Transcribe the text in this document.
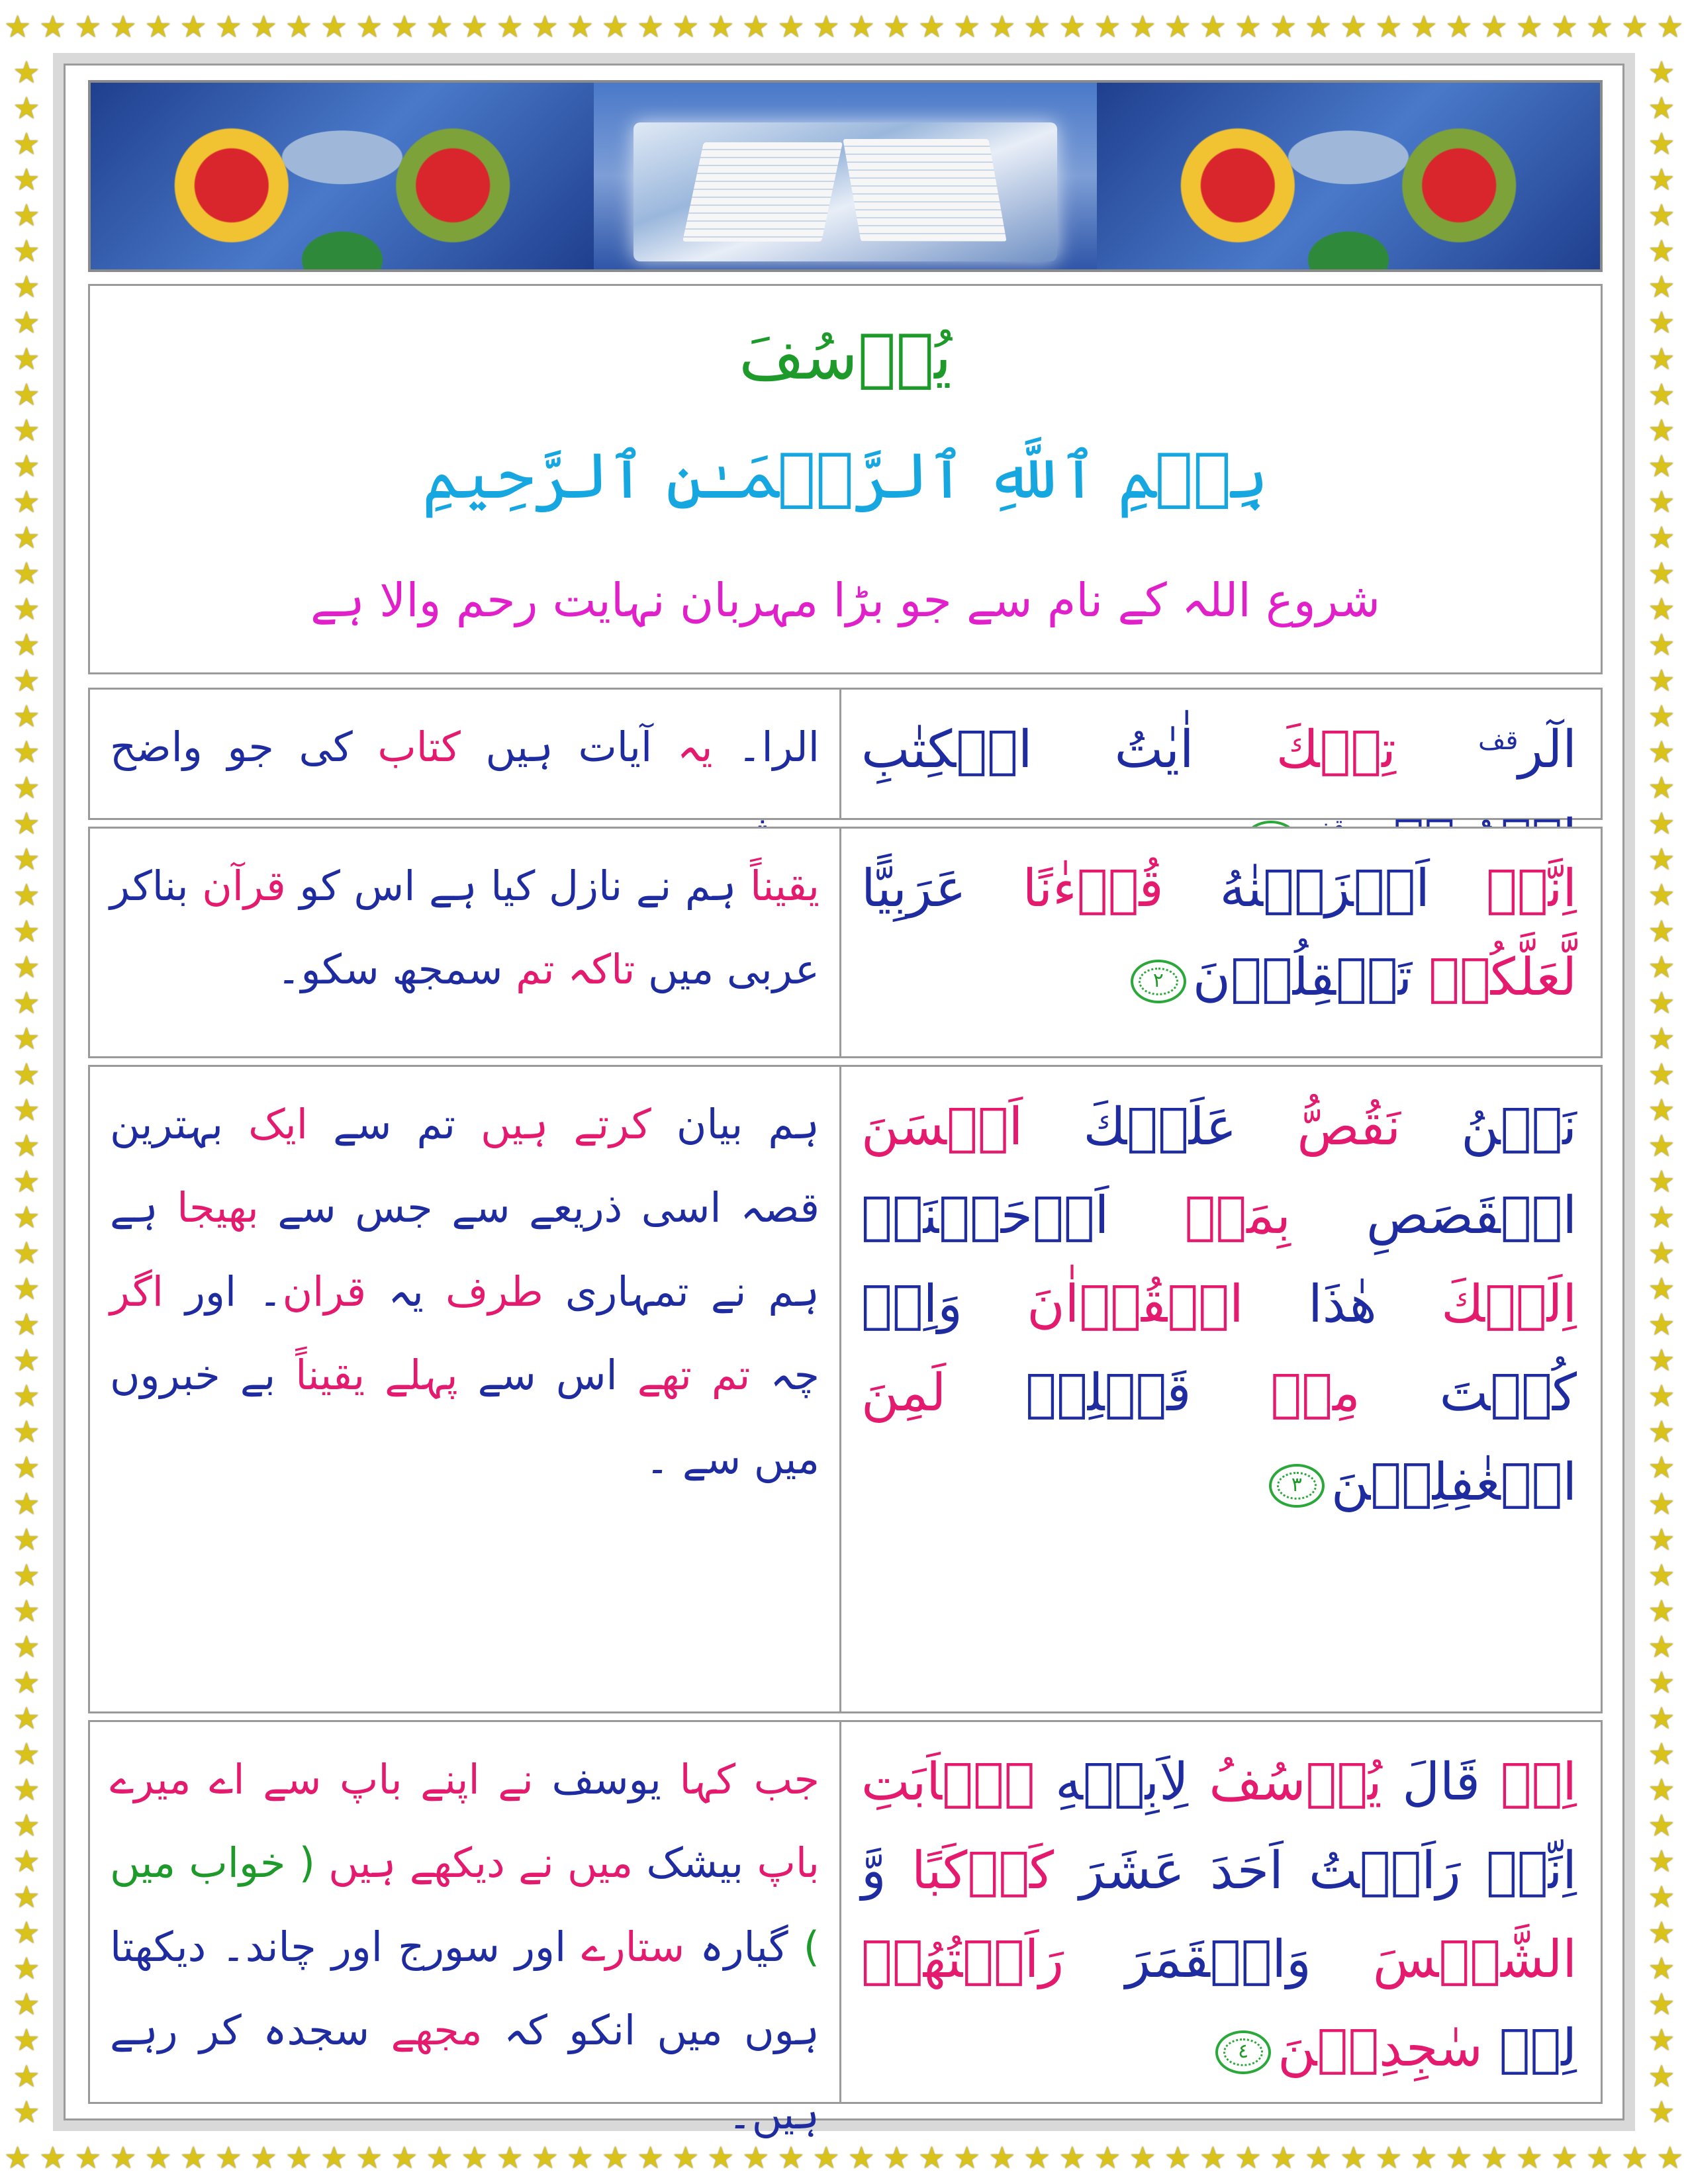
★ ★ ★ ★ ★ ★ ★ ★ ★ ★ ★ ★ ★ ★ ★ ★ ★ ★ ★ ★ ★ ★ ★ ★ ★ ★ ★ ★ ★ ★ ★ ★ ★ ★ ★ ★ ★ ★ ★ ★ ★ ★ ★ ★ ★ ★ ★ ★
★ ★ ★ ★ ★ ★ ★ ★ ★ ★ ★ ★ ★ ★ ★ ★ ★ ★ ★ ★ ★ ★ ★ ★ ★ ★ ★ ★ ★ ★ ★ ★ ★ ★ ★ ★ ★ ★ ★ ★ ★ ★ ★ ★ ★ ★ ★ ★
★
★
★
★
★
★
★
★
★
★
★
★
★
★
★
★
★
★
★
★
★
★
★
★
★
★
★
★
★
★
★
★
★
★
★
★
★
★
★
★
★
★
★
★
★
★
★
★
★
★
★
★
★
★
★
★
★
★
★
★
★
★
★
★
★
★
★
★
★
★
★
★
★
★
★
★
★
★
★
★
★
★
★
★
★
★
★
★
★
★
★
★
★
★
★
★
★
★
★
★
★
★
★
★
★
★
★
★
★
★
★
★
★
★
★
★
یُوۡسُفَ
بِسۡمِ ٱللَّهِ ٱلرَّحۡمَـٰنِ ٱلرَّحِيمِ
شروع اللہ کے نام سے جو بڑا مہربان نہایت رحم والا ہے
الٓر$^{قف}$ تِلۡكَ اٰيٰتُ الۡكِتٰبِ
الرا۔ یہ آیات ہیں کتاب کی جو واضح
اِنَّاۤ اَنۡزَلۡنٰهُ قُرۡءٰنًا عَرَبِيًّا لَّعَلَّكُمۡ تَعۡقِلُوۡنَ٢
یقیناً ہم نے نازل کیا ہے اس کو قرآن بناکر عربی میں تاکہ تم سمجھ سکو۔
نَحۡنُ نَقُصُّ عَلَيۡكَ اَحۡسَنَ الۡقَصَصِ بِمَاۤ اَوۡحَيۡنَاۤ اِلَيۡكَ هٰذَا الۡقُرۡاٰنَ وَاِنۡ كُنۡتَ مِنۡ قَبۡلِهٖ لَمِنَ الۡغٰفِلِيۡنَ٣
ہم بیان کرتے ہیں تم سے ایک بہترین قصہ اسی ذریعے سے جس سے بھیجا ہے ہم نے تمہاری طرف یہ قران۔ اور اگر چہ تم تھے اس سے پہلے یقیناً بے خبروں میں سے ۔
اِذۡ قَالَ يُوۡسُفُ لِاَبِيۡهِ يٰۤاَبَتِ اِنِّىۡ رَاَيۡتُ اَحَدَ عَشَرَ كَوۡكَبًا وَّ الشَّمۡسَ وَالۡقَمَرَ رَاَيۡتُهُمۡ لِىۡ سٰجِدِيۡنَ٤
جب کہا یوسف نے اپنے باپ سے اے میرے باپ بیشک میں نے دیکھے ہیں ( خواب میں ) گیارہ ستارے اور سورج اور چاند۔ دیکھتا ہوں میں انکو کہ مجھے سجدہ کر رہے ہیں۔
